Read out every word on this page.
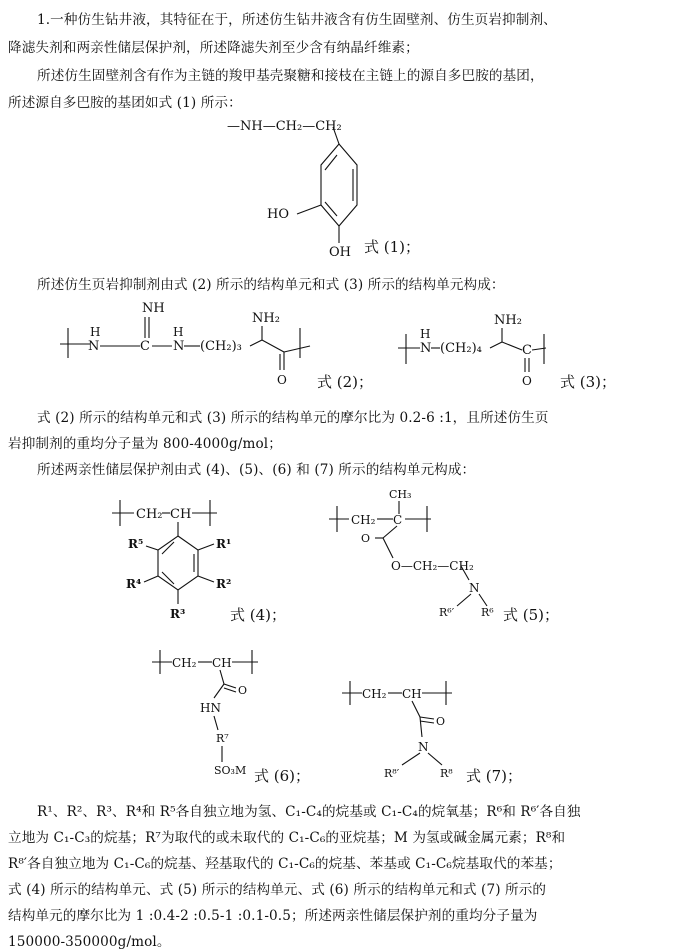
1.一种仿生钻井液，其特征在于，所述仿生钻井液含有仿生固壁剂、仿生页岩抑制剂、
降滤失剂和两亲性储层保护剂，所述降滤失剂至少含有纳晶纤维素；
所述仿生固壁剂含有作为主链的羧甲基壳聚糖和接枝在主链上的源自多巴胺的基团，
所述源自多巴胺的基团如式 (1) 所示：
—NH—CH₂—CH₂
HO
OH 式 (1)；
所述仿生页岩抑制剂由式 (2) 所示的结构单元和式 (3) 所示的结构单元构成：
NH
H
N	C
H
N (CH₂)₃
NH₂
O 式 (2)；
H
N (CH₂)₄
NH₂
C
O 式 (3)；
式 (2) 所示的结构单元和式 (3) 所示的结构单元的摩尔比为 0.2-6 :1，且所述仿生页
岩抑制剂的重均分子量为 800-4000g/mol；
所述两亲性储层保护剂由式 (4)、(5)、(6) 和 (7) 所示的结构单元构成：
CH₂ CH
R¹
R²
R³
R⁴
R⁵
式 (4)；
CH₃
CH₂ C
O
O—CH₂—CH₂
N
R⁶′ R⁶ 式 (5)；
CH₂ CH
O
HN
R⁷
SO₃M 式 (6)；
CH₂ CH
O
N
R⁸′	R⁸ 式 (7)；
R¹、R²、R³、R⁴和 R⁵各自独立地为氢、C₁-C₄的烷基或 C₁-C₄的烷氧基；R⁶和 R⁶′各自独
立地为 C₁-C₃的烷基；R⁷为取代的或未取代的 C₁-C₆的亚烷基；M 为氢或碱金属元素；R⁸和
R⁸′各自独立地为 C₁-C₆的烷基、羟基取代的 C₁-C₆的烷基、苯基或 C₁-C₆烷基取代的苯基；
式 (4) 所示的结构单元、式 (5) 所示的结构单元、式 (6) 所示的结构单元和式 (7) 所示的
结构单元的摩尔比为 1 :0.4-2 :0.5-1 :0.1-0.5；所述两亲性储层保护剂的重均分子量为
150000-350000g/mol。
